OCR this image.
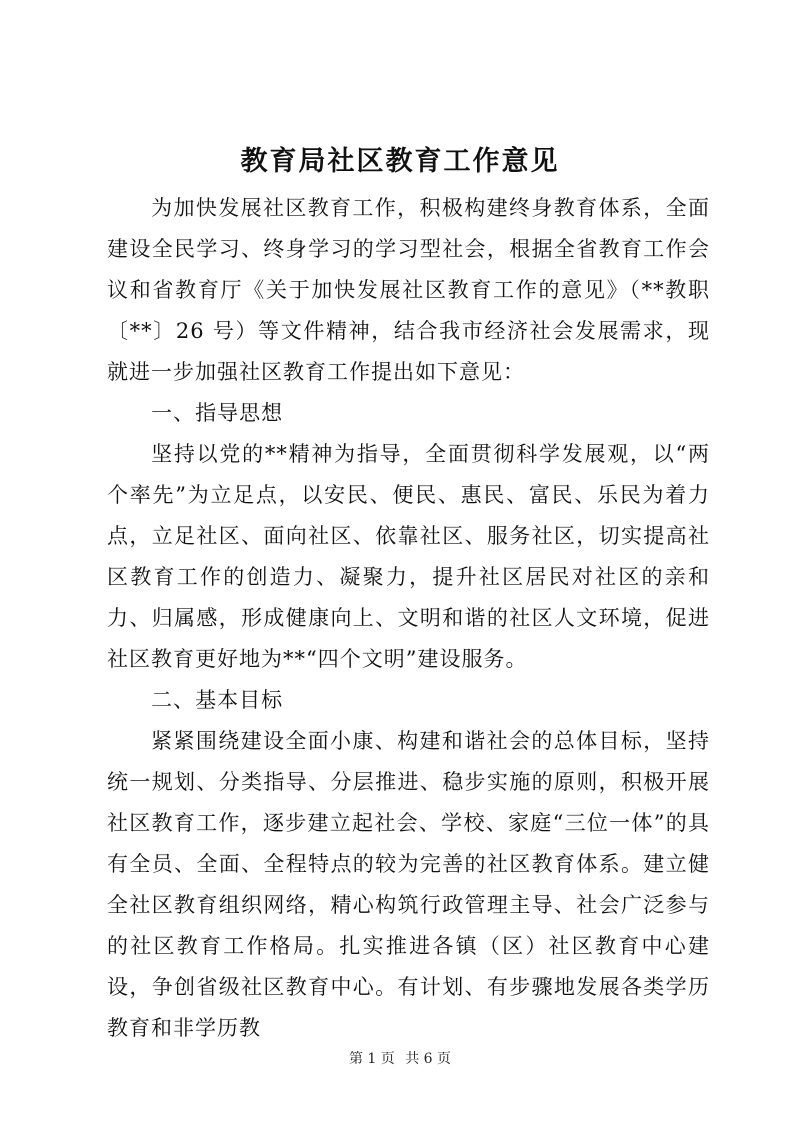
教育局社区教育工作意见

为加快发展社区教育工作，积极构建终身教育体系，全面建设全民学习、终身学习的学习型社会，根据全省教育工作会议和省教育厅《关于加快发展社区教育工作的意见》（**教职〔**〕26 号）等文件精神，结合我市经济社会发展需求，现就进一步加强社区教育工作提出如下意见：

一、指导思想

坚持以党的**精神为指导，全面贯彻科学发展观，以“两个率先”为立足点，以安民、便民、惠民、富民、乐民为着力点，立足社区、面向社区、依靠社区、服务社区，切实提高社区教育工作的创造力、凝聚力，提升社区居民对社区的亲和力、归属感，形成健康向上、文明和谐的社区人文环境，促进社区教育更好地为**“四个文明”建设服务。

二、基本目标

紧紧围绕建设全面小康、构建和谐社会的总体目标，坚持统一规划、分类指导、分层推进、稳步实施的原则，积极开展社区教育工作，逐步建立起社会、学校、家庭“三位一体”的具有全员、全面、全程特点的较为完善的社区教育体系。建立健全社区教育组织网络，精心构筑行政管理主导、社会广泛参与的社区教育工作格局。扎实推进各镇（区）社区教育中心建设，争创省级社区教育中心。有计划、有步骤地发展各类学历教育和非学历教

第 1 页 共 6 页
